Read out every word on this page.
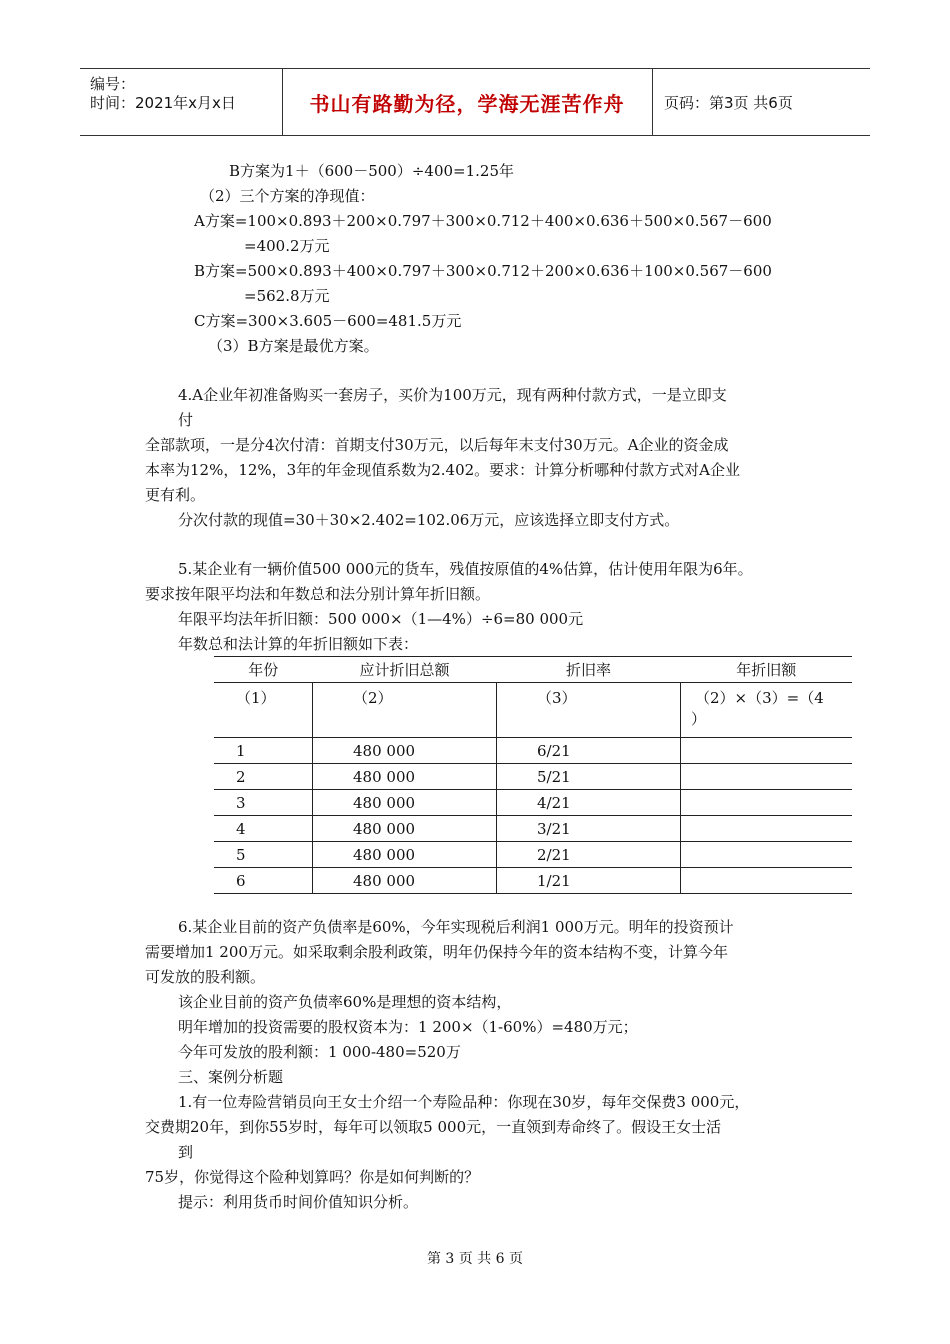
编号：
时间：2021年x月x日	书山有路勤为径，学海无涯苦作舟	页码：第3页 共6页
B方案为1＋（600－500）÷400=1.25年
（2）三个方案的净现值：
A方案=100×0.893＋200×0.797＋300×0.712＋400×0.636＋500×0.567－600
=400.2万元
B方案=500×0.893＋400×0.797＋300×0.712＋200×0.636＋100×0.567－600
=562.8万元
C方案=300×3.605－600=481.5万元
（3）B方案是最优方案。
4.A企业年初准备购买一套房子，买价为100万元，现有两种付款方式，一是立即支
付
全部款项，一是分4次付清：首期支付30万元，以后每年末支付30万元。A企业的资金成
本率为12%，12%，3年的年金现值系数为2.402。要求：计算分析哪种付款方式对A企业
更有利。
分次付款的现值=30＋30×2.402=102.06万元，应该选择立即支付方式。
5.某企业有一辆价值500 000元的货车，残值按原值的4%估算，估计使用年限为6年。
要求按年限平均法和年数总和法分别计算年折旧额。
年限平均法年折旧额：500 000×（1—4%）÷6=80 000元
年数总和法计算的年折旧额如下表：
年份	应计折旧总额	折旧率	年折旧额
（1）	（2）	（3）	（2）×（3）=（4
）
1	480 000	6/21	
2	480 000	5/21	
3	480 000	4/21	
4	480 000	3/21	
5	480 000	2/21	
6	480 000	1/21	
6.某企业目前的资产负债率是60%，今年实现税后利润1 000万元。明年的投资预计
需要增加1 200万元。如采取剩余股利政策，明年仍保持今年的资本结构不变，计算今年
可发放的股利额。
该企业目前的资产负债率60%是理想的资本结构，
明年增加的投资需要的股权资本为：1 200×（1-60%）=480万元；
今年可发放的股利额：1 000-480=520万
三、案例分析题
1.有一位寿险营销员向王女士介绍一个寿险品种：你现在30岁，每年交保费3 000元，
交费期20年，到你55岁时，每年可以领取5 000元，一直领到寿命终了。假设王女士活
到
75岁，你觉得这个险种划算吗？你是如何判断的？
提示：利用货币时间价值知识分析。
第 3 页 共 6 页
